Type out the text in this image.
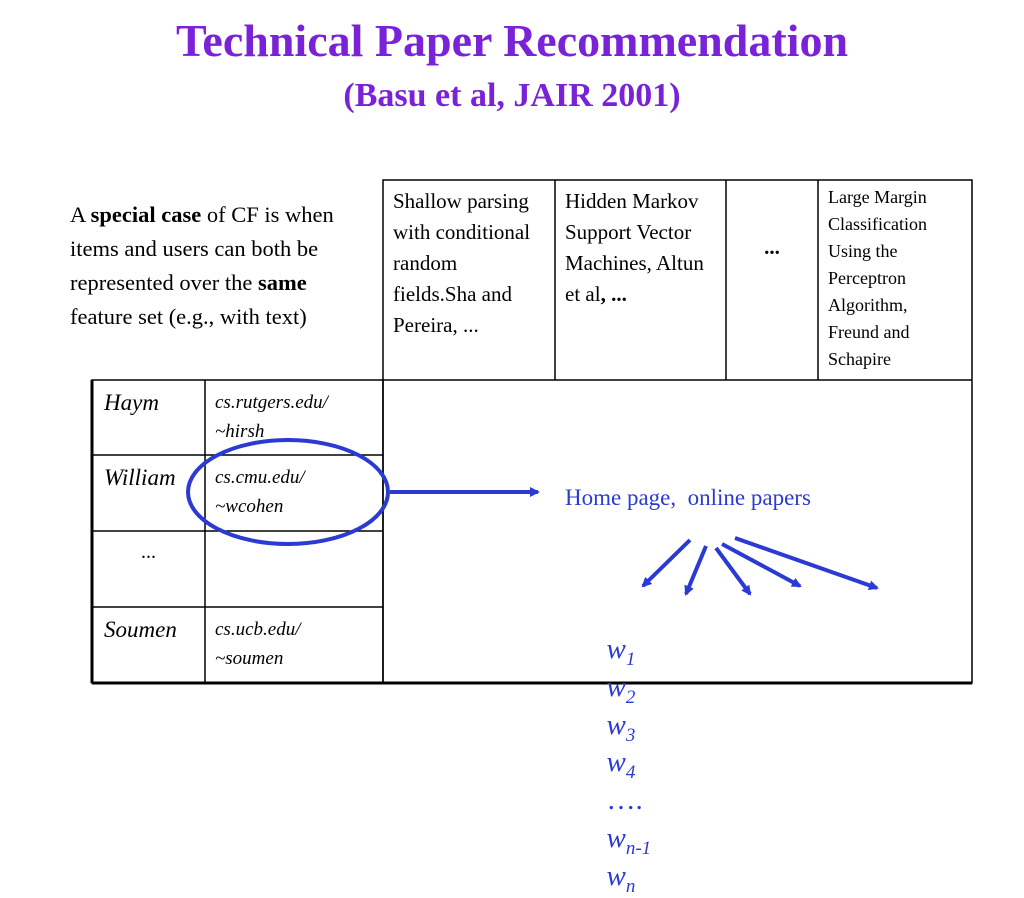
Technical Paper Recommendation
(Basu et al, JAIR 2001)
A special case of CF is when items and users can both be represented over the same feature set (e.g., with text)
Shallow parsing with conditional random fields.Sha and Pereira, ...
Hidden Markov Support Vector Machines, Altun et al, ...
...
Large Margin Classification Using the Perceptron Algorithm, Freund and Schapire
Haym	cs.rutgers.edu/
~hirsh
William	cs.cmu.edu/
~wcohen
...
Soumen	cs.ucb.edu/
~soumen
Home page,  online papers

$w_1$
$w_2$
$w_3$
$w_4$
….
$w_{n-1}$
$w_n$
